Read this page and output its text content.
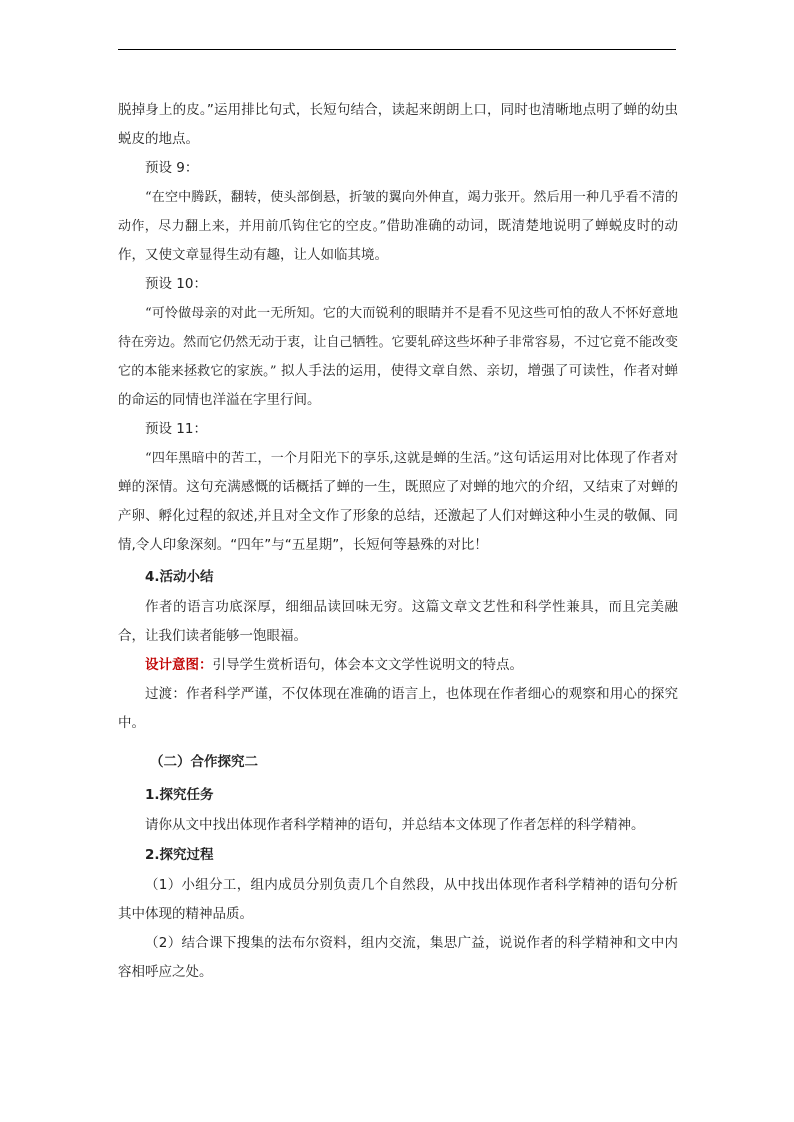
脱掉身上的皮。”运用排比句式，长短句结合，读起来朗朗上口，同时也清晰地点明了蝉的幼虫蜕皮的地点。

预设 9：

“在空中腾跃，翻转，使头部倒悬，折皱的翼向外伸直，竭力张开。然后用一种几乎看不清的动作，尽力翻上来，并用前爪钩住它的空皮。”借助准确的动词，既清楚地说明了蝉蜕皮时的动作，又使文章显得生动有趣，让人如临其境。

预设 10：

“可怜做母亲的对此一无所知。它的大而锐利的眼睛并不是看不见这些可怕的敌人不怀好意地待在旁边。然而它仍然无动于衷，让自己牺牲。它要轧碎这些坏种子非常容易，不过它竟不能改变它的本能来拯救它的家族。” 拟人手法的运用，使得文章自然、亲切，增强了可读性，作者对蝉的命运的同情也洋溢在字里行间。

预设 11：

“四年黑暗中的苦工，一个月阳光下的享乐,这就是蝉的生活。”这句话运用对比体现了作者对蝉的深情。这句充满感慨的话概括了蝉的一生，既照应了对蝉的地穴的介绍，又结束了对蝉的产卵、孵化过程的叙述,并且对全文作了形象的总结，还激起了人们对蝉这种小生灵的敬佩、同情,令人印象深刻。“四年”与“五星期”，长短何等悬殊的对比！

4.活动小结

作者的语言功底深厚，细细品读回味无穷。这篇文章文艺性和科学性兼具，而且完美融合，让我们读者能够一饱眼福。

设计意图：引导学生赏析语句，体会本文文学性说明文的特点。

过渡：作者科学严谨，不仅体现在准确的语言上，也体现在作者细心的观察和用心的探究中。

（二）合作探究二

1.探究任务

请你从文中找出体现作者科学精神的语句，并总结本文体现了作者怎样的科学精神。

2.探究过程

（1）小组分工，组内成员分别负责几个自然段，从中找出体现作者科学精神的语句分析其中体现的精神品质。

（2）结合课下搜集的法布尔资料，组内交流，集思广益，说说作者的科学精神和文中内容相呼应之处。
